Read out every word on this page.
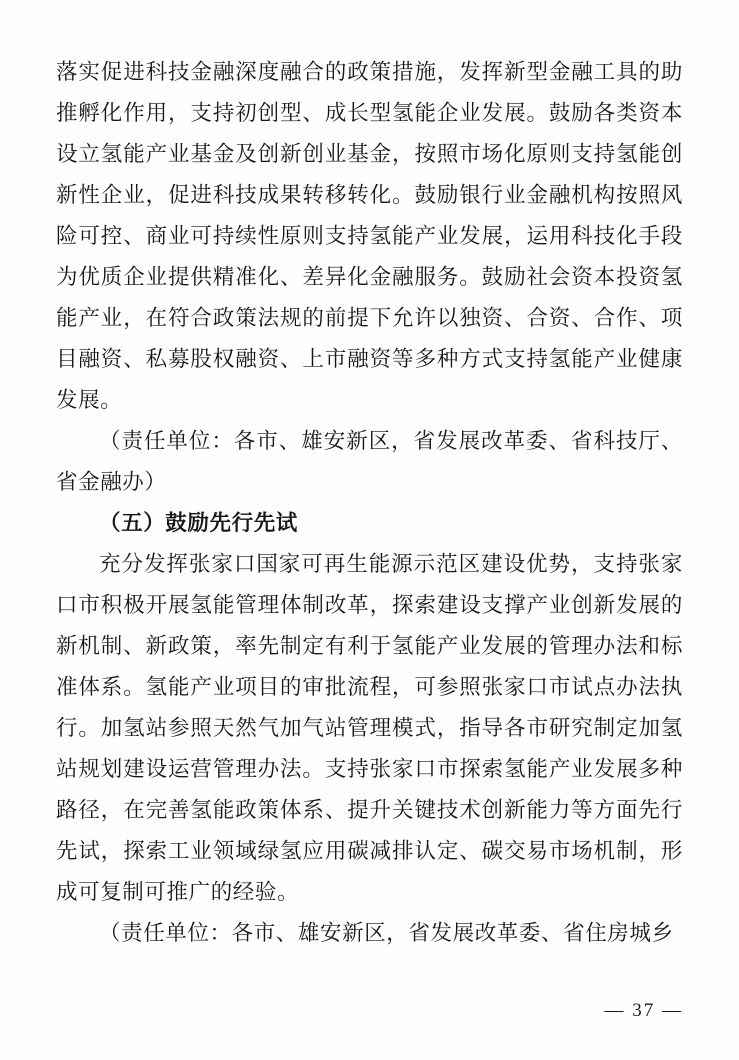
落实促进科技金融深度融合的政策措施，发挥新型金融工具的助推孵化作用，支持初创型、成长型氢能企业发展。鼓励各类资本设立氢能产业基金及创新创业基金，按照市场化原则支持氢能创新性企业，促进科技成果转移转化。鼓励银行业金融机构按照风险可控、商业可持续性原则支持氢能产业发展，运用科技化手段为优质企业提供精准化、差异化金融服务。鼓励社会资本投资氢能产业，在符合政策法规的前提下允许以独资、合资、合作、项目融资、私募股权融资、上市融资等多种方式支持氢能产业健康发展。

（责任单位：各市、雄安新区，省发展改革委、省科技厅、省金融办）

（五）鼓励先行先试

充分发挥张家口国家可再生能源示范区建设优势，支持张家口市积极开展氢能管理体制改革，探索建设支撑产业创新发展的新机制、新政策，率先制定有利于氢能产业发展的管理办法和标准体系。氢能产业项目的审批流程，可参照张家口市试点办法执行。加氢站参照天然气加气站管理模式，指导各市研究制定加氢站规划建设运营管理办法。支持张家口市探索氢能产业发展多种路径，在完善氢能政策体系、提升关键技术创新能力等方面先行先试，探索工业领域绿氢应用碳减排认定、碳交易市场机制，形成可复制可推广的经验。

（责任单位：各市、雄安新区，省发展改革委、省住房城乡

— 37 —
